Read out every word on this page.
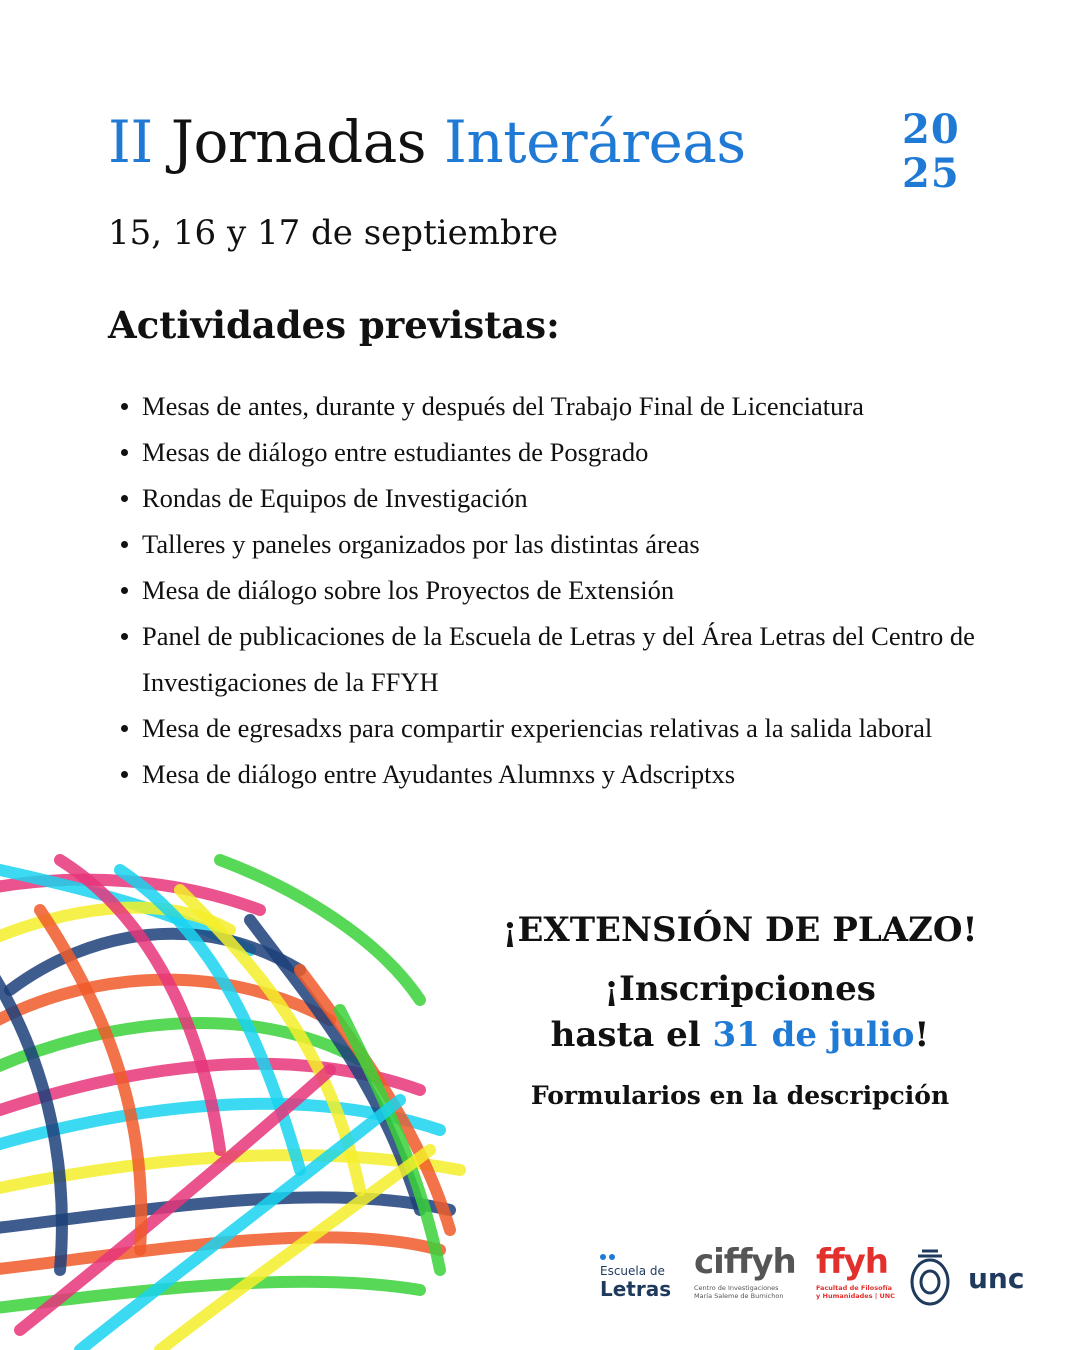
II Jornadas Interáreas	20
25
15, 16 y 17 de septiembre
Actividades previstas:
Mesas de antes, durante y después del Trabajo Final de Licenciatura
Mesas de diálogo entre estudiantes de Posgrado
Rondas de Equipos de Investigación
Talleres y paneles organizados por las distintas áreas
Mesa de diálogo sobre los Proyectos de Extensión
Panel de publicaciones de la Escuela de Letras y del Área Letras del Centro de Investigaciones de la FFYH
Mesa de egresadxs para compartir experiencias relativas a la salida laboral
Mesa de diálogo entre Ayudantes Alumnxs y Adscriptxs
¡EXTENSIÓN DE PLAZO!
¡Inscripciones
hasta el 31 de julio!
Formularios en la descripción
Escuela de
Letras
ciffyh
Centro de Investigaciones María Saleme de Burnichon
ffyh
Facultad de Filosofía y Humanidades | UNC
unc
